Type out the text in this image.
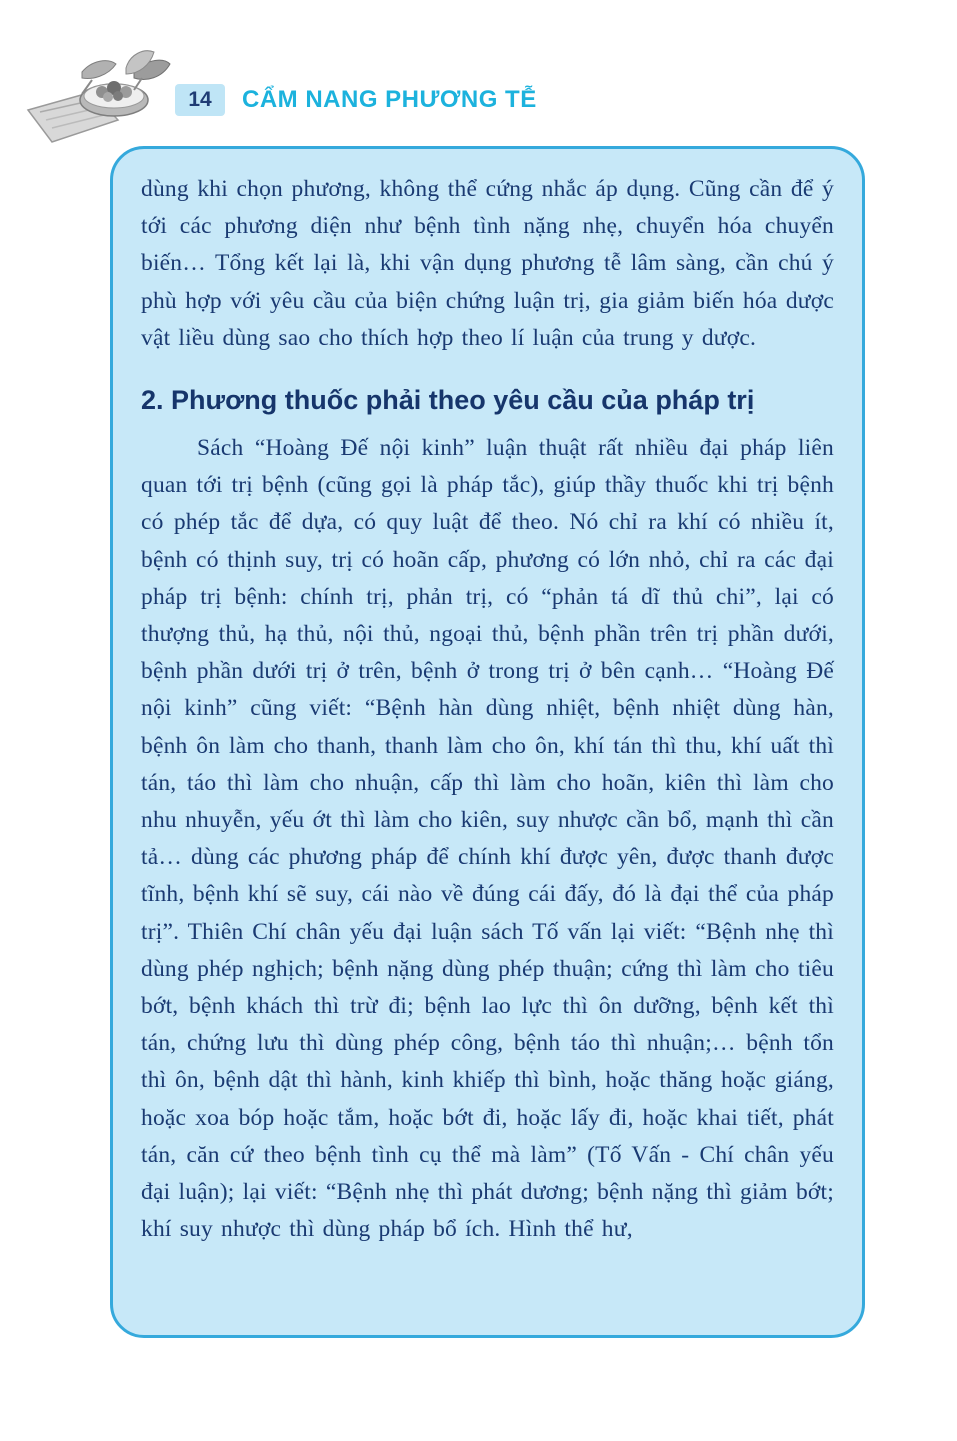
14 CẨM NANG PHƯƠNG TỄ

dùng khi chọn phương, không thể cứng nhắc áp dụng. Cũng cần để ý tới các phương diện như bệnh tình nặng nhẹ, chuyển hóa chuyển biến… Tổng kết lại là, khi vận dụng phương tễ lâm sàng, cần chú ý phù hợp với yêu cầu của biện chứng luận trị, gia giảm biến hóa dược vật liều dùng sao cho thích hợp theo lí luận của trung y dược.

2. Phương thuốc phải theo yêu cầu của pháp trị

Sách “Hoàng Đế nội kinh” luận thuật rất nhiều đại pháp liên quan tới trị bệnh (cũng gọi là pháp tắc), giúp thầy thuốc khi trị bệnh có phép tắc để dựa, có quy luật để theo. Nó chỉ ra khí có nhiều ít, bệnh có thịnh suy, trị có hoãn cấp, phương có lớn nhỏ, chỉ ra các đại pháp trị bệnh: chính trị, phản trị, có “phản tá dĩ thủ chi”, lại có thượng thủ, hạ thủ, nội thủ, ngoại thủ, bệnh phần trên trị phần dưới, bệnh phần dưới trị ở trên, bệnh ở trong trị ở bên cạnh… “Hoàng Đế nội kinh” cũng viết: “Bệnh hàn dùng nhiệt, bệnh nhiệt dùng hàn, bệnh ôn làm cho thanh, thanh làm cho ôn, khí tán thì thu, khí uất thì tán, táo thì làm cho nhuận, cấp thì làm cho hoãn, kiên thì làm cho nhu nhuyễn, yếu ớt thì làm cho kiên, suy nhược cần bổ, mạnh thì cần tả… dùng các phương pháp để chính khí được yên, được thanh được tĩnh, bệnh khí sẽ suy, cái nào về đúng cái đấy, đó là đại thể của pháp trị”. Thiên Chí chân yếu đại luận sách Tố vấn lại viết: “Bệnh nhẹ thì dùng phép nghịch; bệnh nặng dùng phép thuận; cứng thì làm cho tiêu bớt, bệnh khách thì trừ đi; bệnh lao lực thì ôn dưỡng, bệnh kết thì tán, chứng lưu thì dùng phép công, bệnh táo thì nhuận;… bệnh tổn thì ôn, bệnh dật thì hành, kinh khiếp thì bình, hoặc thăng hoặc giáng, hoặc xoa bóp hoặc tắm, hoặc bớt đi, hoặc lấy đi, hoặc khai tiết, phát tán, căn cứ theo bệnh tình cụ thể mà làm” (Tố Vấn - Chí chân yếu đại luận); lại viết: “Bệnh nhẹ thì phát dương; bệnh nặng thì giảm bớt; khí suy nhược thì dùng pháp bổ ích. Hình thể hư,
